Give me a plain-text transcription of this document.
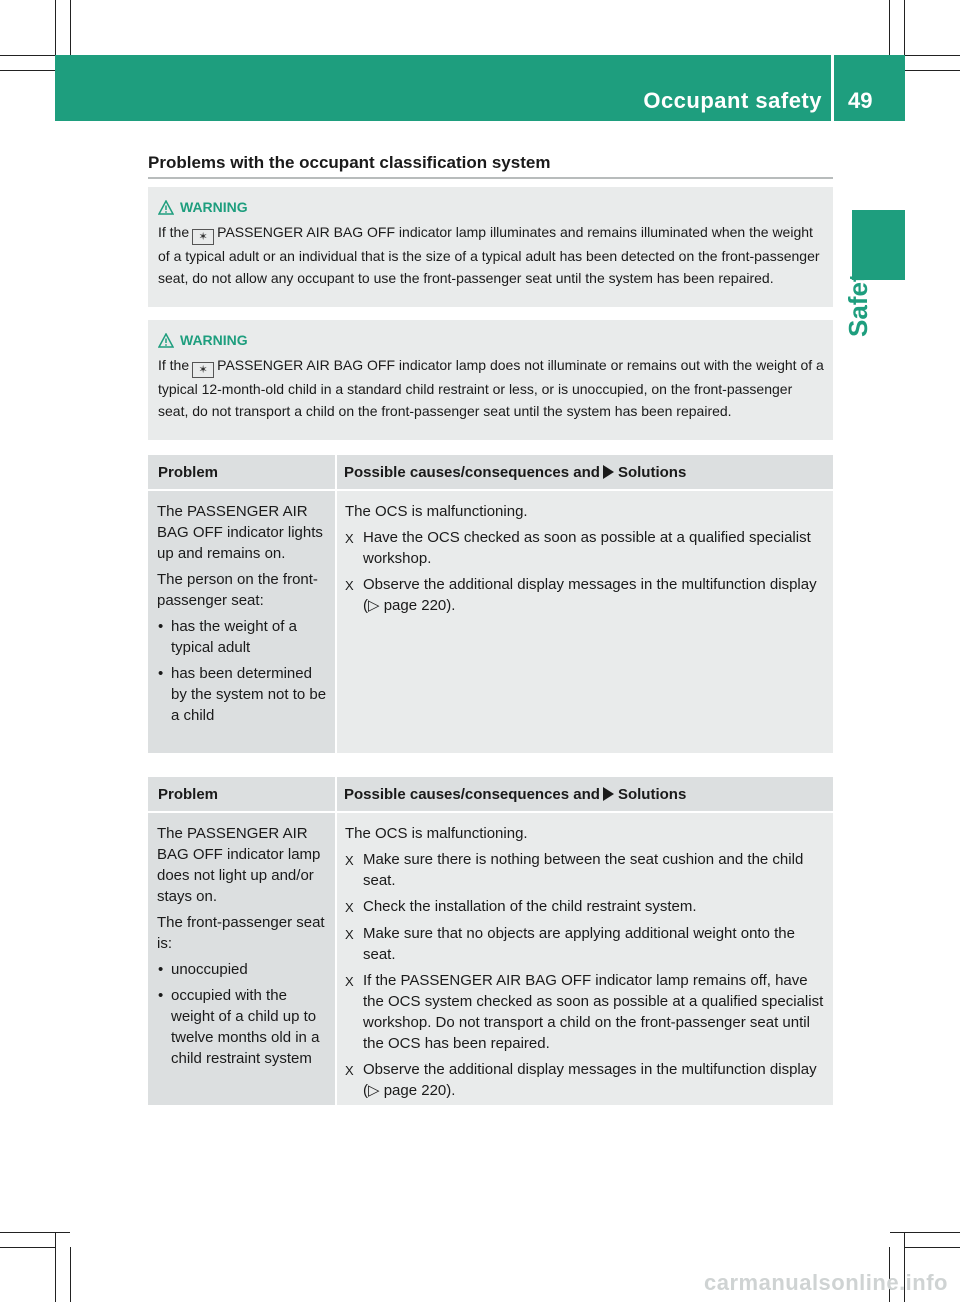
Occupant safety 49
Safety
Problems with the occupant classification system
WARNING
If the ✶ PASSENGER AIR BAG OFF indicator lamp illuminates and remains illuminated when the weight of a typical adult or an individual that is the size of a typical adult has been detected on the front-passenger seat, do not allow any occupant to use the front-passenger seat until the system has been repaired.
WARNING
If the ✶ PASSENGER AIR BAG OFF indicator lamp does not illuminate or remains out with the weight of a typical 12-month-old child in a standard child restraint or less, or is unoccupied, on the front-passenger seat, do not transport a child on the front-passenger seat until the system has been repaired.
Problem	Possible causes/consequences and Solutions
The PASSENGER AIR BAG OFF indicator lights up and remains on.
The person on the front-passenger seat:
• has the weight of a typical adult
• has been determined by the system not to be a child
The OCS is malfunctioning.
X Have the OCS checked as soon as possible at a qualified specialist workshop.
X Observe the additional display messages in the multifunction display (▷ page 220).
Problem	Possible causes/consequences and Solutions
The PASSENGER AIR BAG OFF indicator lamp does not light up and/or stays on.
The front-passenger seat is:
• unoccupied
• occupied with the weight of a child up to twelve months old in a child restraint system
The OCS is malfunctioning.
X Make sure there is nothing between the seat cushion and the child seat.
X Check the installation of the child restraint system.
X Make sure that no objects are applying additional weight onto the seat.
X If the PASSENGER AIR BAG OFF indicator lamp remains off, have the OCS system checked as soon as possible at a qualified specialist workshop. Do not transport a child on the front-passenger seat until the OCS has been repaired.
X Observe the additional display messages in the multifunction display (▷ page 220).
carmanualsonline.info
